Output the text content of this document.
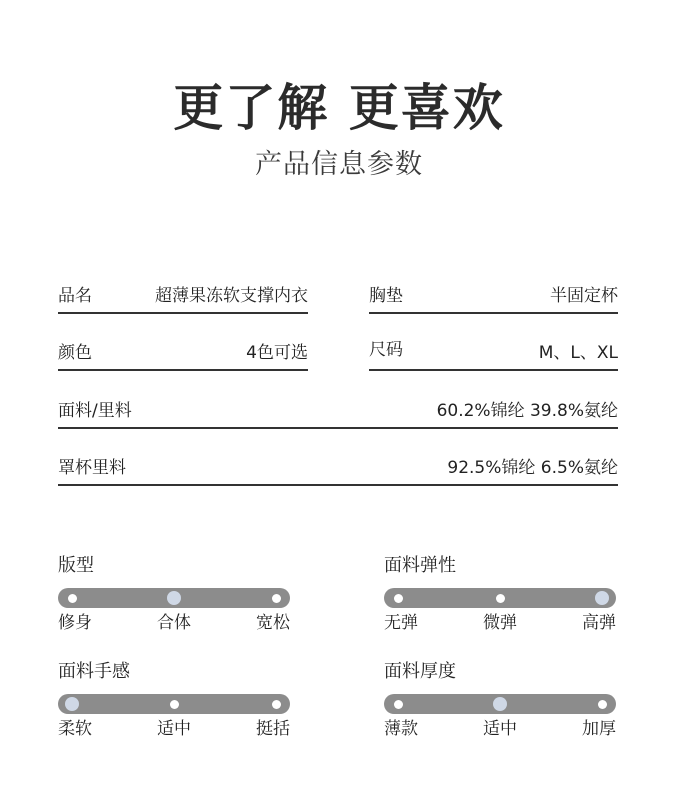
更了解 更喜欢
产品信息参数
品名	超薄果冻软支撑内衣	胸垫	半固定杯
颜色	4色可选	尺码	M、L、XL
面料/里料	60.2%锦纶 39.8%氨纶
罩杯里料	92.5%锦纶 6.5%氨纶
版型
修身	合体	宽松
面料弹性
无弹	微弹	高弹
面料手感
柔软	适中	挺括
面料厚度
薄款	适中	加厚
